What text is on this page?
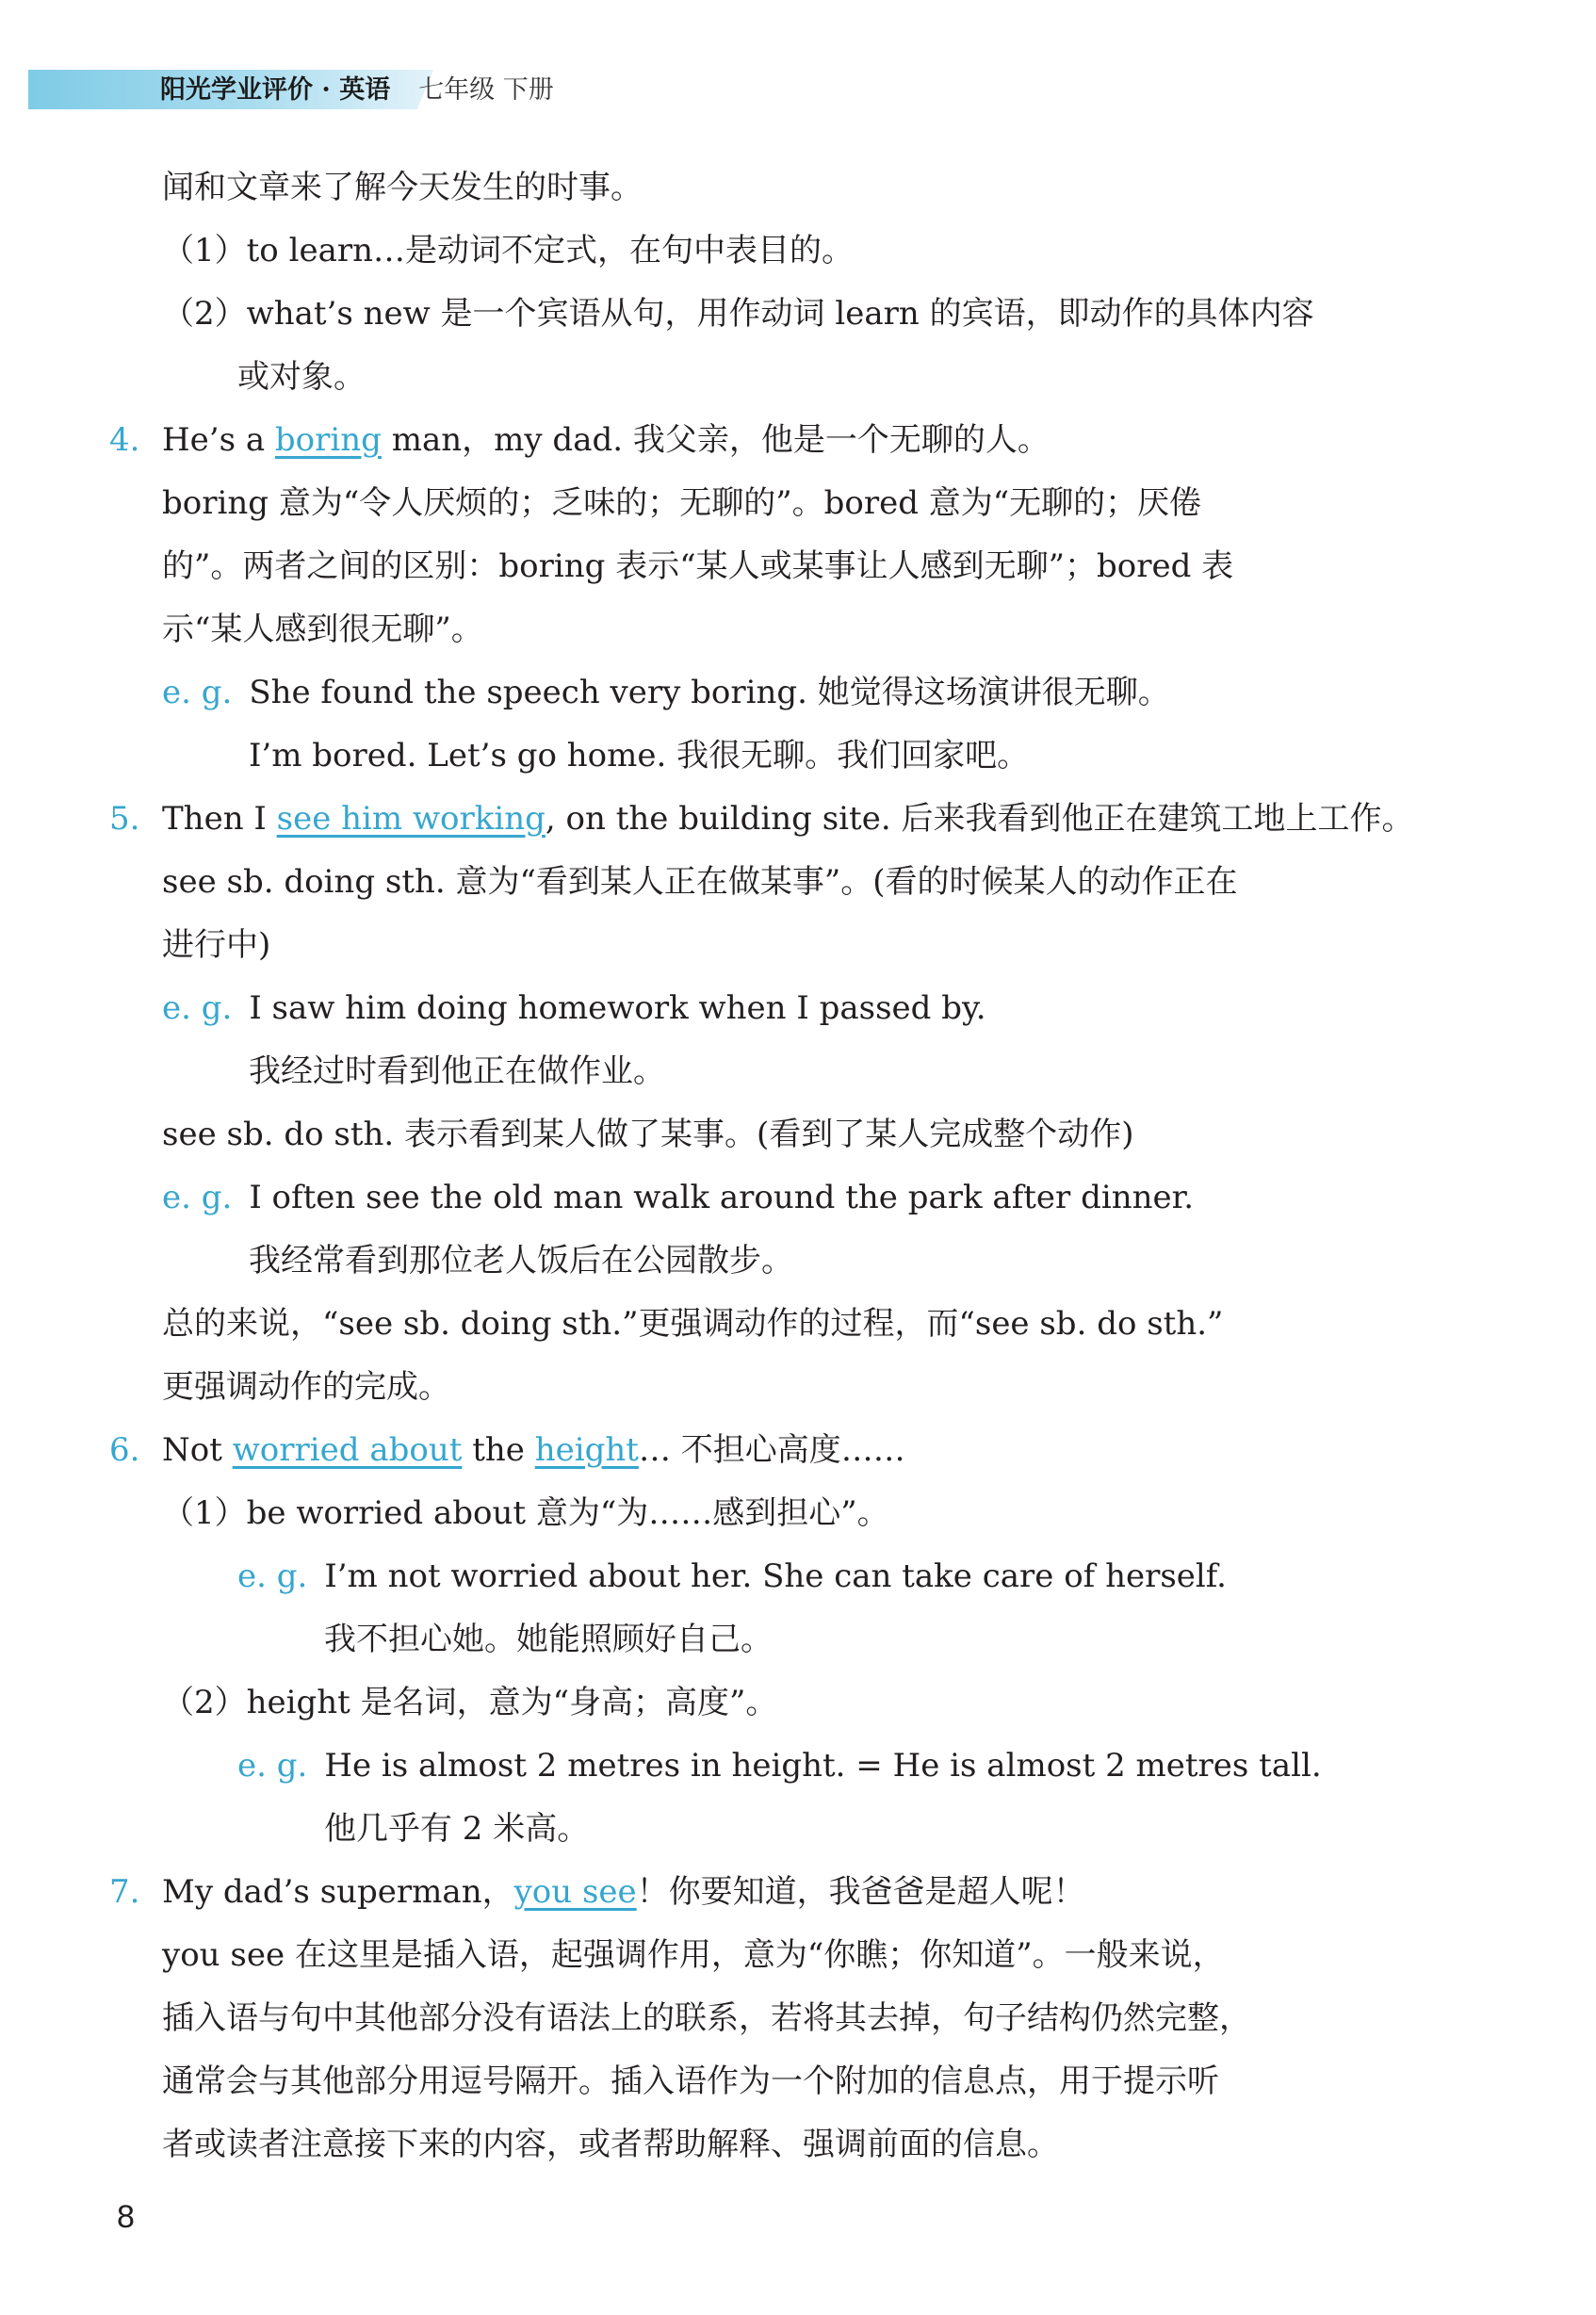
阳光学业评价 · 英语 七年级 下册
闻和文章来了解今天发生的时事。
（1）to learn…是动词不定式，在句中表目的。
（2）what’s new 是一个宾语从句，用作动词 learn 的宾语，即动作的具体内容
或对象。
4. He’s a boring man，my dad. 我父亲，他是一个无聊的人。
boring 意为“令人厌烦的；乏味的；无聊的”。bored 意为“无聊的；厌倦
的”。两者之间的区别：boring 表示“某人或某事让人感到无聊”；bored 表
示“某人感到很无聊”。
e. g. She found the speech very boring. 她觉得这场演讲很无聊。
I’m bored. Let’s go home. 我很无聊。我们回家吧。
5. Then I see him working, on the building site. 后来我看到他正在建筑工地上工作。
see sb. doing sth. 意为“看到某人正在做某事”。(看的时候某人的动作正在
进行中)
e. g. I saw him doing homework when I passed by.
我经过时看到他正在做作业。
see sb. do sth. 表示看到某人做了某事。(看到了某人完成整个动作)
e. g. I often see the old man walk around the park after dinner.
我经常看到那位老人饭后在公园散步。
总的来说，“see sb. doing sth.”更强调动作的过程，而“see sb. do sth.”
更强调动作的完成。
6. Not worried about the height… 不担心高度……
（1）be worried about 意为“为……感到担心”。
e. g. I’m not worried about her. She can take care of herself.
我不担心她。她能照顾好自己。
（2）height 是名词，意为“身高；高度”。
e. g. He is almost 2 metres in height. = He is almost 2 metres tall.
他几乎有 2 米高。
7. My dad’s superman，you see！你要知道，我爸爸是超人呢！
you see 在这里是插入语，起强调作用，意为“你瞧；你知道”。一般来说，
插入语与句中其他部分没有语法上的联系，若将其去掉，句子结构仍然完整，
通常会与其他部分用逗号隔开。插入语作为一个附加的信息点，用于提示听
者或读者注意接下来的内容，或者帮助解释、强调前面的信息。
8
